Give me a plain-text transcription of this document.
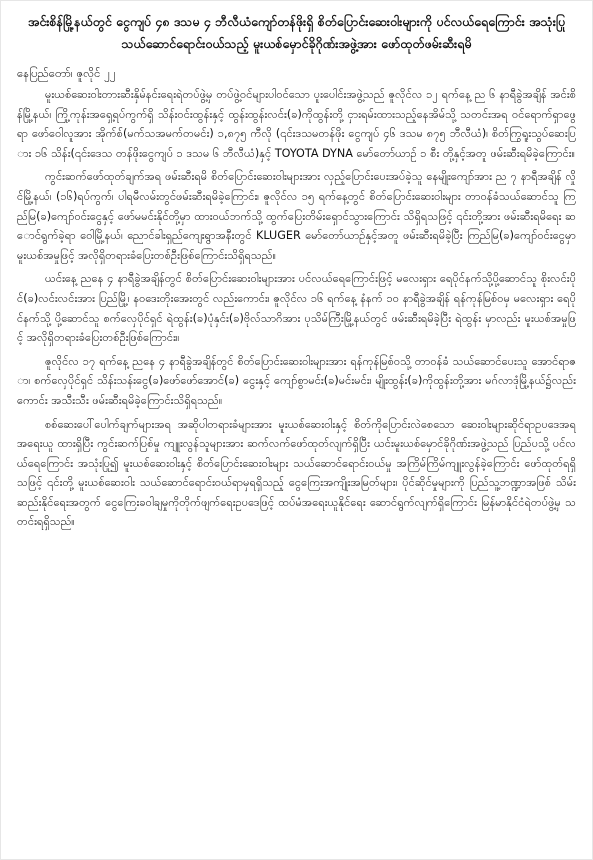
အင်းစိန်မြို့နယ်တွင် ငွေကျပ် ၄၈ ဒသမ ၄ ဘီလီယံကျော်တန်ဖိုးရှိ စိတ်ပြောင်းဆေးဝါးများကို ပင်လယ်ရေကြောင်း အသုံးပြုသယ်ဆောင်ရောင်းဝယ်သည့် မူးယစ်မှောင်ခိုဂိုဏ်းအဖွဲ့အား ဖော်ထုတ်ဖမ်းဆီးရမိ

နေပြည်တော်၊ ဇူလိုင် ၂၂

မူးယစ်ဆေးဝါးတားဆီးနှိမ်နင်းရေးရဲတပ်ဖွဲ့မှ တပ်ဖွဲ့ဝင်များပါဝင်သော ပူးပေါင်းအဖွဲ့သည် ဇူလိုင်လ ၁၂ ရက်နေ့ ည ၆ နာရီခွဲအချိန် အင်းစိန်မြို့နယ်၊ ကြို့ကုန်းအရှေ့ရပ်ကွက်ရှိ သိန်းဝင်းထွန်းနှင့် ထွန်းထွန်းလင်း(ခ)ကိုထွန်းတို့ ငှားရမ်းထားသည့်နေအိမ်သို့ သတင်းအရ ဝင်ရောက်ရှာဖွေရာ ဖော်ဝေါလူအား အိုက်စ်(မက်သအမက်တမင်း) ၁,၈၇၅ ကီလို (၎င်းဒသမတန်ဖိုး ငွေကျပ် ၄၆ ဒသမ ၈၇၅ ဘီလီယံ)၊ စိတ်ကြွရူးသွပ်ဆေးပြား ၁၆ သိန်း(၎င်းဒေသ တန်ဖိုးငွေကျပ် ၁ ဒသမ ၆ ဘီလီယံ)နှင့် TOYOTA DYNA မော်တော်ယာဉ် ၁ စီး တို့နှင့်အတူ ဖမ်းဆီးရမိခဲ့ကြောင်း။

ကွင်းဆက်ဖော်ထုတ်ချက်အရ ဖမ်းဆီးရမိ စိတ်ပြောင်းဆေးဝါးများအား လှည့်ပြောင်းပေးအပ်ခဲ့သူ နေမျိုးကျော်အား ည ၇ နာရီအချိန် လှိုင်မြို့နယ်၊ (၁၆)ရပ်ကွက်၊ ပါရမီလမ်းတွင်ဖမ်းဆီးရမိခဲ့ကြောင်း၊ ဇူလိုင်လ ၁၅ ရက်နေ့တွင် စိတ်ပြောင်းဆေးဝါးများ တာဝန်ခံသယ်ဆောင်သူ ကြည်မြ(ခ)ကျော်ဝင်းငွေနှင့် ဖော်မမင်းနိုင်တို့မှာ ထားဝယ်ဘက်သို့ ထွက်ပြေးတိမ်းရှောင်သွားကြောင်း သိရှိရသဖြင့် ၎င်းတို့အား ဖမ်းဆီးရမိရေး ဆောင်ရွက်ခဲ့ရာ ဝေါမြို့နယ်၊ ညောင်ခါးရှည်ကျေးရွာအနီးတွင် KLUGER မော်တော်ယာဉ်နှင့်အတူ ဖမ်းဆီးရမိခဲ့ပြီး ကြည်မြ(ခ)ကျော်ဝင်းငွေမှာ မူးယစ်အမှုဖြင့် အလိုရှိတရားခံပြေးတစ်ဦးဖြစ်ကြောင်းသိရှိရသည်။

ယင်းနေ့ ညနေ ၄ နာရီခွဲအချိန်တွင် စိတ်ပြောင်းဆေးဝါးများအား ပင်လယ်ရေကြောင်းဖြင့် မလေးရှား ရေပိုင်နက်သို့ပို့ဆောင်သူ စိုးလင်းပိုင်(ခ)လင်းလင်းအား ပြည်မြို့၊ နဝဒေးတိုးအေးတွင် လည်းကောင်း၊ ဇူလိုင်လ ၁၆ ရက်နေ့ နံနက် ၁၀ နာရီခွဲအချိန် ရန်ကုန်မြစ်ဝမှ မလေးရှား ရေပိုင်နက်သို့ ပို့ဆောင်သူ စက်လှေပိုင်ရှင် ရဲထွန်း(ခ)ပုံနှင်း(ခ)ဗိုလ်သာဂိအား ပုသိမ်ကြီးမြို့နယ်တွင် ဖမ်းဆီးရမိခဲ့ပြီး ရဲထွန်း မှာလည်း မူးယစ်အမှုဖြင့် အလိုရှိတရားခံပြေးတစ်ဦးဖြစ်ကြောင်း။

ဇူလိုင်လ ၁၇ ရက်နေ့ ညနေ ၄ နာရီခွဲအချိန်တွင် စိတ်ပြောင်းဆေးဝါးများအား ရန်ကုန်မြစ်ဝသို့ တာဝန်ခံ သယ်ဆောင်ပေးသူ အောင်ရာဇာ၊ စက်လှေပိုင်ရှင် သိန်းသန်းငွေ(ခ)ဖော်ဖော်အောင်(ခ) ငွေးနှင့် ကျော်စွာမင်း(ခ)မင်းမင်း၊ မျိုးထွန်း(ခ)ကိုထွန်းတို့အား မဂ်လာဒုံမြို့နယ်၌လည်းကောင်း အသီးသီး ဖမ်းဆီးရမိခဲ့ကြောင်းသိရှိရသည်။

စစ်ဆေးပေါ်ပေါက်ချက်များအရ အဆိုပါတရားခံများအား မူးယစ်ဆေးဝါးနှင့် စိတ်ကိုပြောင်းလဲစေသော ဆေးဝါးများဆိုင်ရာဥပဒေအရ အရေးယူ ထားရှိပြီး ကွင်းဆက်ပြစ်မှု ကျူးလွန်သူများအား ဆက်လက်ဖော်ထုတ်လျက်ရှိပြီး ယင်းမူးယစ်မှောင်ခိုဂိုဏ်းအဖွဲ့သည် ပြည်ပသို့ ပင်လယ်ရေကြောင်း အသုံးပြု၍ မူးယစ်ဆေးဝါးနှင့် စိတ်ပြောင်းဆေးဝါးများ သယ်ဆောင်ရောင်းဝယ်မှု အကြိမ်ကြိမ်ကျူးလွန်ခဲ့ကြောင်း ဖော်ထုတ်ရရှိသဖြင့် ၎င်းတို့ မူးယစ်ဆေးဝါး သယ်ဆောင်ရောင်းဝယ်ရာမှရရှိသည့် ငွေကြေးအကျိုးအမြတ်များ၊ ပိုင်ဆိုင်မှုများကို ပြည်သူ့ဘဏ္ဍာအဖြစ် သိမ်းဆည်းနိုင်ရေးအတွက် ငွေကြေးခဝါချမှုကိုတိုက်ဖျက်ရေးဥပဒေဖြင့် ထပ်မံအရေးယူနိုင်ရေး ဆောင်ရွက်လျက်ရှိကြောင်း မြန်မာနိုင်ငံရဲတပ်ဖွဲ့မှ သတင်းရရှိသည်။
